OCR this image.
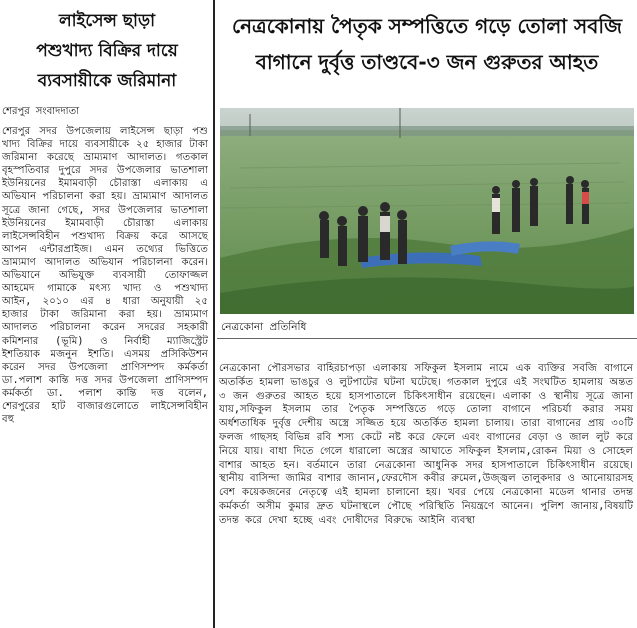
লাইসেন্স ছাড়া
পশুখাদ্য বিক্রির দায়ে
ব্যবসায়ীকে জরিমানা
শেরপুর সংবাদদাতা

শেরপুর সদর উপজেলায় লাইসেন্স ছাড়া পশু খাদ্য বিক্রির দায়ে ব্যবসায়ীকে ২৫ হাজার টাকা জরিমানা করেছে ভ্রাম্যমাণ আদালত। গতকাল বৃহস্পতিবার দুপুরে সদর উপজেলার ভাতশালা ইউনিয়নের ইমামবাড়ী চৌরাস্তা এলাকায় এ অভিযান পরিচালনা করা হয়। ভ্রাম্যমাণ আদালত সূত্রে জানা গেছে, সদর উপজেলার ভাতশালা ইউনিয়নের ইমামবাড়ী চৌরাস্তা এলাকায় লাইসেন্সবিহীন পশুখাদ্য বিক্রয় করে আসছে আপন এন্টারপ্রাইজ। এমন তথ্যের ভিত্তিতে ভ্রাম্যমাণ আদালত অভিযান পরিচালনা করেন। অভিযানে অভিযুক্ত ব্যবসায়ী তোফাজ্জল আহমেদ গামাকে মৎস্য খাদ্য ও পশুখাদ্য আইন, ২০১০ এর ৪ ধারা অনুযায়ী ২৫ হাজার টাকা জরিমানা করা হয়। ভ্রাম্যমাণ আদালত পরিচালনা করেন সদরের সহকারী কমিশনার (ভূমি) ও নির্বাহী ম্যাজিস্ট্রেট ইশতিয়াক মজনুন ইশতি। এসময় প্রসিকিউশন করেন সদর উপজেলা প্রাণিসম্পদ কর্মকর্তা ডা.পলাশ কান্তি দত্ত সদর উপজেলা প্রাণিসম্পদ কর্মকর্তা ডা. পলাশ কান্তি দত্ত বলেন, শেরপুরের হাট বাজারগুলোতে লাইসেন্সবিহীন বহু

নেত্রকোনায় পৈতৃক সম্পত্তিতে গড়ে তোলা সবজি
বাগানে দুর্বৃত্ত তাণ্ডবে-৩ জন গুরুতর আহত
নেত্রকোনা প্রতিনিধি

নেত্রকোনা পৌরসভার বাহিরচাপড়া এলাকায় সফিকুল ইসলাম নামে এক ব্যক্তির সবজি বাগানে অতর্কিত হামলা ভাঙচুর ও লুটপাটের ঘটনা ঘটেছে। গতকাল দুপুরে এই সংঘটিত হামলায় অন্তত ৩ জন গুরুতর আহত হয়ে হাসপাতালে চিকিৎসাধীন রয়েছেন। এলাকা ও স্থানীয় সূত্রে জানা যায়,সফিকুল ইসলাম তার পৈতৃক সম্পত্তিতে গড়ে তোলা বাগানে পরিচর্যা করার সময় অর্ধশতাধিক দুর্বৃত্ত দেশীয় অস্ত্রে সজ্জিত হয়ে অতর্কিত হামলা চালায়। তারা বাগানের প্রায় ৩০টি ফলজ গাছসহ বিভিন্ন রবি শস্য কেটে নষ্ট করে ফেলে এবং বাগানের বেড়া ও জাল লুট করে নিয়ে যায়। বাধা দিতে গেলে ধারালো অস্ত্রের আঘাতে সফিকুল ইসলাম,রোকন মিয়া ও সোহেল বাশার আহত হন। বর্তমানে তারা নেত্রকোনা আধুনিক সদর হাসপাতালে চিকিৎসাধীন রয়েছে। স্থানীয় বাসিন্দা জামির বাশার জানান,ফেরদৌস কবীর রুমেল,উজ্জ্বল তালুকদার ও আনোয়ারসহ বেশ কয়েকজনের নেতৃত্বে এই হামলা চালানো হয়। খবর পেয়ে নেত্রকোনা মডেল থানার তদন্ত কর্মকর্তা অসীম কুমার দ্রুত ঘটনাস্থলে পৌছে পরিস্থিতি নিয়ন্ত্রণে আনেন। পুলিশ জানায়,বিষয়টি তদন্ত করে দেখা হচ্ছে এবং দোষীদের বিরুদ্ধে আইনি ব্যবস্থা
